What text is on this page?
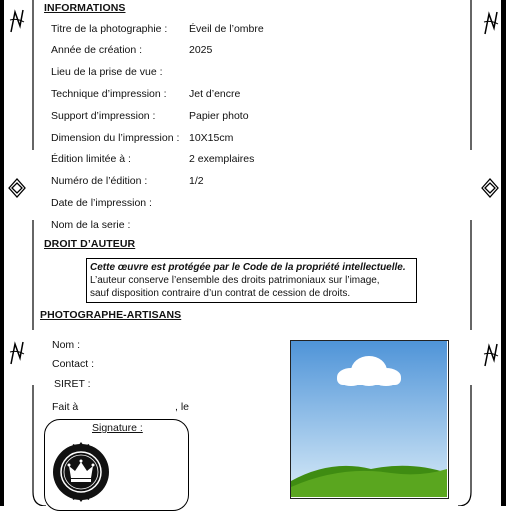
INFORMATIONS
Titre de la photographie : Éveil de l’ombre
Année de création :	2025
Lieu de la prise de vue :
Technique d’impression : Jet d’encre
Support d’impression :	Papier photo
Dimension du l’impression : 10X15cm
Édition limitée à :	2 exemplaires
Numéro de l’édition :	1/2
Date de l’impression :
Nom de la serie :
DROIT D’AUTEUR
Cette œuvre est protégée par le Code de la propriété intellectuelle.
L’auteur conserve l’ensemble des droits patrimoniaux sur l’image,
sauf disposition contraire d’un contrat de cession de droits.
PHOTOGRAPHE-ARTISANS
Nom :
Contact :
SIRET :
Fait à	, le
Signature :
